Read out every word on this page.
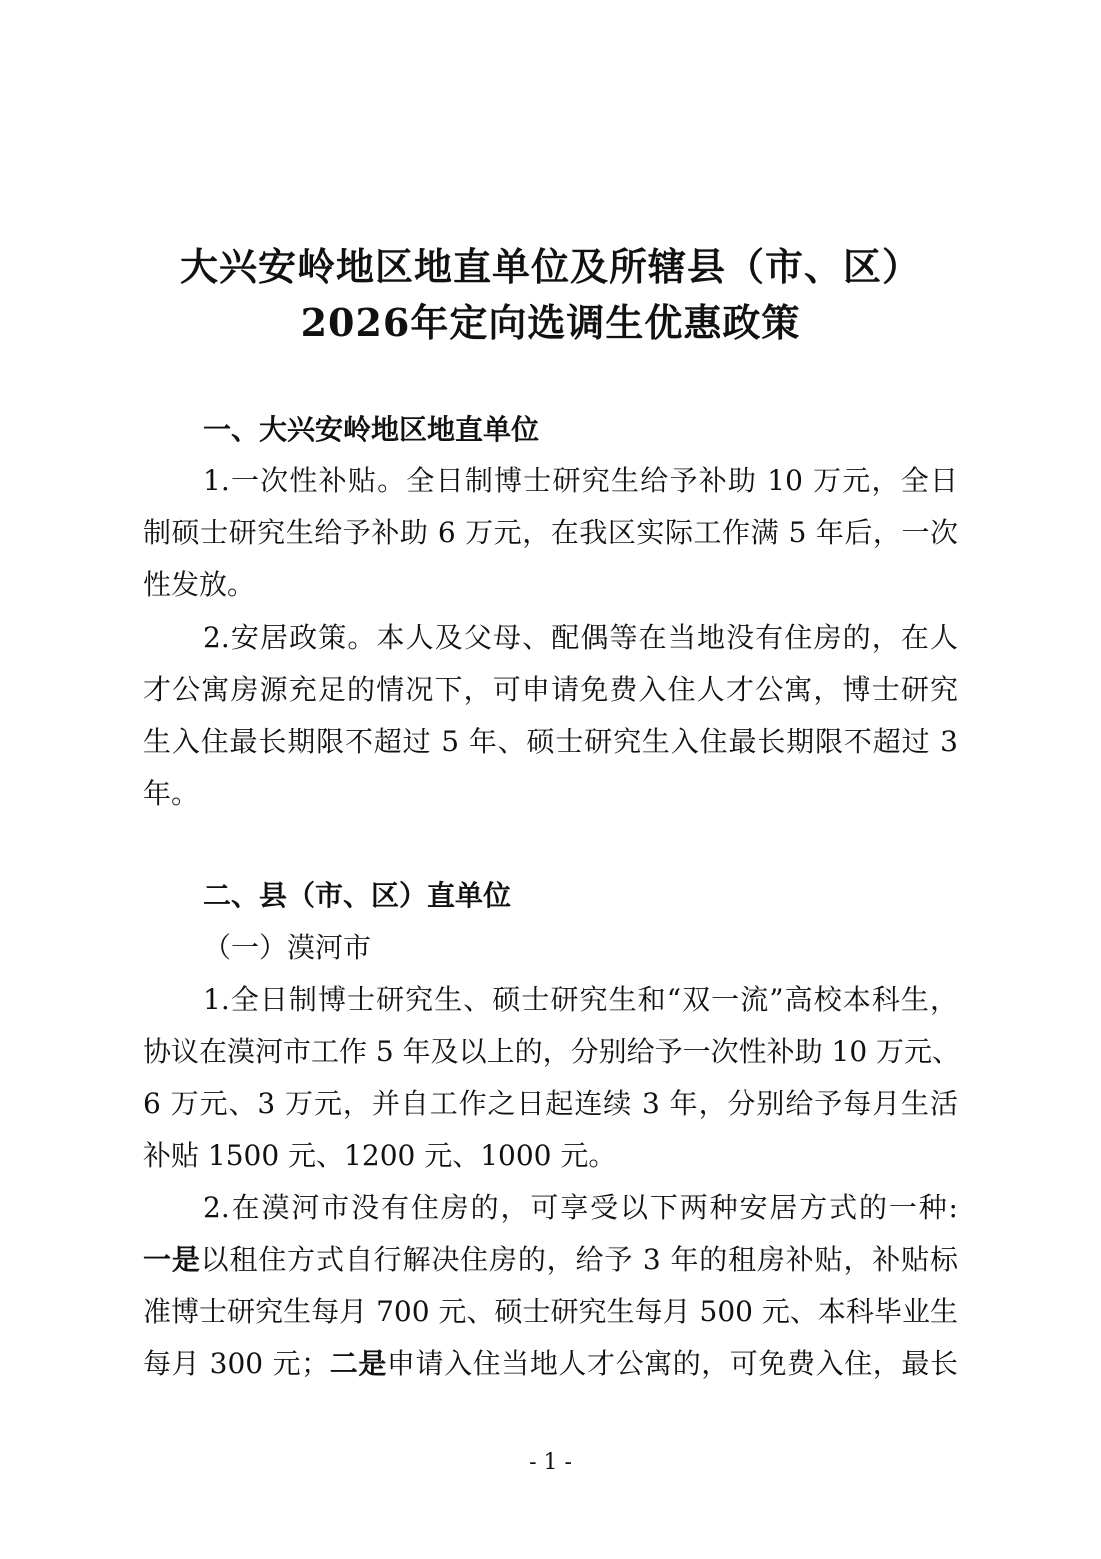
大兴安岭地区地直单位及所辖县（市、区）
2026年定向选调生优惠政策
一、大兴安岭地区地直单位
1.一次性补贴。全日制博士研究生给予补助 10 万元，全日
制硕士研究生给予补助 6 万元，在我区实际工作满 5 年后，一次
性发放。
2.安居政策。本人及父母、配偶等在当地没有住房的，在人
才公寓房源充足的情况下，可申请免费入住人才公寓，博士研究
生入住最长期限不超过 5 年、硕士研究生入住最长期限不超过 3
年。
二、县（市、区）直单位
（一）漠河市
1.全日制博士研究生、硕士研究生和“双一流”高校本科生，
协议在漠河市工作 5 年及以上的，分别给予一次性补助 10 万元、
6 万元、3 万元，并自工作之日起连续 3 年，分别给予每月生活
补贴 1500 元、1200 元、1000 元。
2.在漠河市没有住房的，可享受以下两种安居方式的一种:
一是以租住方式自行解决住房的，给予 3 年的租房补贴，补贴标
准博士研究生每月 700 元、硕士研究生每月 500 元、本科毕业生
每月 300 元；二是申请入住当地人才公寓的，可免费入住，最长
- 1 -
